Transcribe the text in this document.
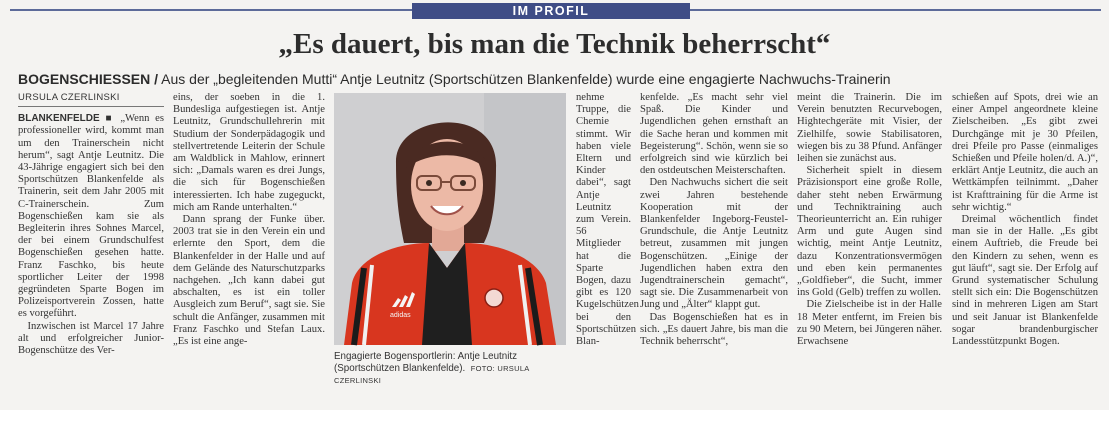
IM PROFIL
„Es dauert, bis man die Technik beherrscht“
BOGENSCHIESSEN / Aus der „begleitenden Mutti“ Antje Leutnitz (Sportschützen Blankenfelde) wurde eine engagierte Nachwuchs-Trainerin
URSULA CZERLINSKI

BLANKENFELDE ■ „Wenn es professioneller wird, kommt man um den Trainerschein nicht herum“, sagt Antje Leutnitz. Die 43-Jährige engagiert sich bei den Sportschützen Blankenfelde als Trainerin, seit dem Jahr 2005 mit C-Trainerschein. Zum Bogenschießen kam sie als Begleiterin ihres Sohnes Marcel, der bei einem Grundschulfest Bogenschießen gesehen hatte. Franz Faschko, bis heute sportlicher Leiter der 1998 gegründeten Sparte Bogen im Polizeisportverein Zossen, hatte es vorgeführt.

Inzwischen ist Marcel 17 Jahre alt und erfolgreicher Junior-Bogenschütze des Ver-

eins, der soeben in die 1. Bundesliga aufgestiegen ist. Antje Leutnitz, Grundschullehrerin mit Studium der Sonderpädagogik und stellvertretende Leiterin der Schule am Waldblick in Mahlow, erinnert sich: „Damals waren es drei Jungs, die sich für Bogenschießen interessierten. Ich habe zugeguckt, mich am Rande unterhalten.“

Dann sprang der Funke über. 2003 trat sie in den Verein ein und erlernte den Sport, dem die Blankenfelder in der Halle und auf dem Gelände des Naturschutzparks nachgehen. „Ich kann dabei gut abschalten, es ist ein toller Ausgleich zum Beruf“, sagt sie. Sie schult die Anfänger, zusammen mit Franz Faschko und Stefan Laux. „Es ist eine ange-

adidas
Engagierte Bogensportlerin: Antje Leutnitz (Sportschützen Blankenfelde). FOTO: URSULA CZERLINSKI

nehme Truppe, die Chemie stimmt. Wir haben viele Eltern und Kinder dabei“, sagt Antje Leutnitz zum Verein. 56 Mitglieder hat die Sparte Bogen, dazu gibt es 120 Kugelschützen bei den Sportschützen Blan-

kenfelde. „Es macht sehr viel Spaß. Die Kinder und Jugendlichen gehen ernsthaft an die Sache heran und kommen mit Begeisterung“. Schön, wenn sie so erfolgreich sind wie kürzlich bei den ostdeutschen Meisterschaften.

Den Nachwuchs sichert die seit zwei Jahren bestehende Kooperation mit der Blankenfelder Ingeborg-Feustel-Grundschule, die Antje Leutnitz betreut, zusammen mit jungen Bogenschützen. „Einige der Jugendlichen haben extra den Jugendtrainerschein gemacht“, sagt sie. Die Zusammenarbeit von Jung und „Älter“ klappt gut.

Das Bogenschießen hat es in sich. „Es dauert Jahre, bis man die Technik beherrscht“,

meint die Trainerin. Die im Verein benutzten Recurvebogen, Hightechgeräte mit Visier, der Zielhilfe, sowie Stabilisatoren, wiegen bis zu 38 Pfund. Anfänger leihen sie zunächst aus.

Sicherheit spielt in diesem Präzisionsport eine große Rolle, daher steht neben Erwärmung und Techniktraining auch Theorieunterricht an. Ein ruhiger Arm und gute Augen sind wichtig, meint Antje Leutnitz, dazu Konzentrationsvermögen und eben kein permanentes „Goldfieber“, die Sucht, immer ins Gold (Gelb) treffen zu wollen.

Die Zielscheibe ist in der Halle 18 Meter entfernt, im Freien bis zu 90 Metern, bei Jüngeren näher. Erwachsene

schießen auf Spots, drei wie an einer Ampel angeordnete kleine Zielscheiben. „Es gibt zwei Durchgänge mit je 30 Pfeilen, drei Pfeile pro Passe (einmaliges Schießen und Pfeile holen/d. A.)“, erklärt Antje Leutnitz, die auch an Wettkämpfen teilnimmt. „Daher ist Krafttraining für die Arme ist sehr wichtig.“

Dreimal wöchentlich findet man sie in der Halle. „Es gibt einem Auftrieb, die Freude bei den Kindern zu sehen, wenn es gut läuft“, sagt sie. Der Erfolg auf Grund systematischer Schulung stellt sich ein: Die Bogenschützen sind in mehreren Ligen am Start und seit Januar ist Blankenfelde sogar brandenburgischer Landesstützpunkt Bogen.
